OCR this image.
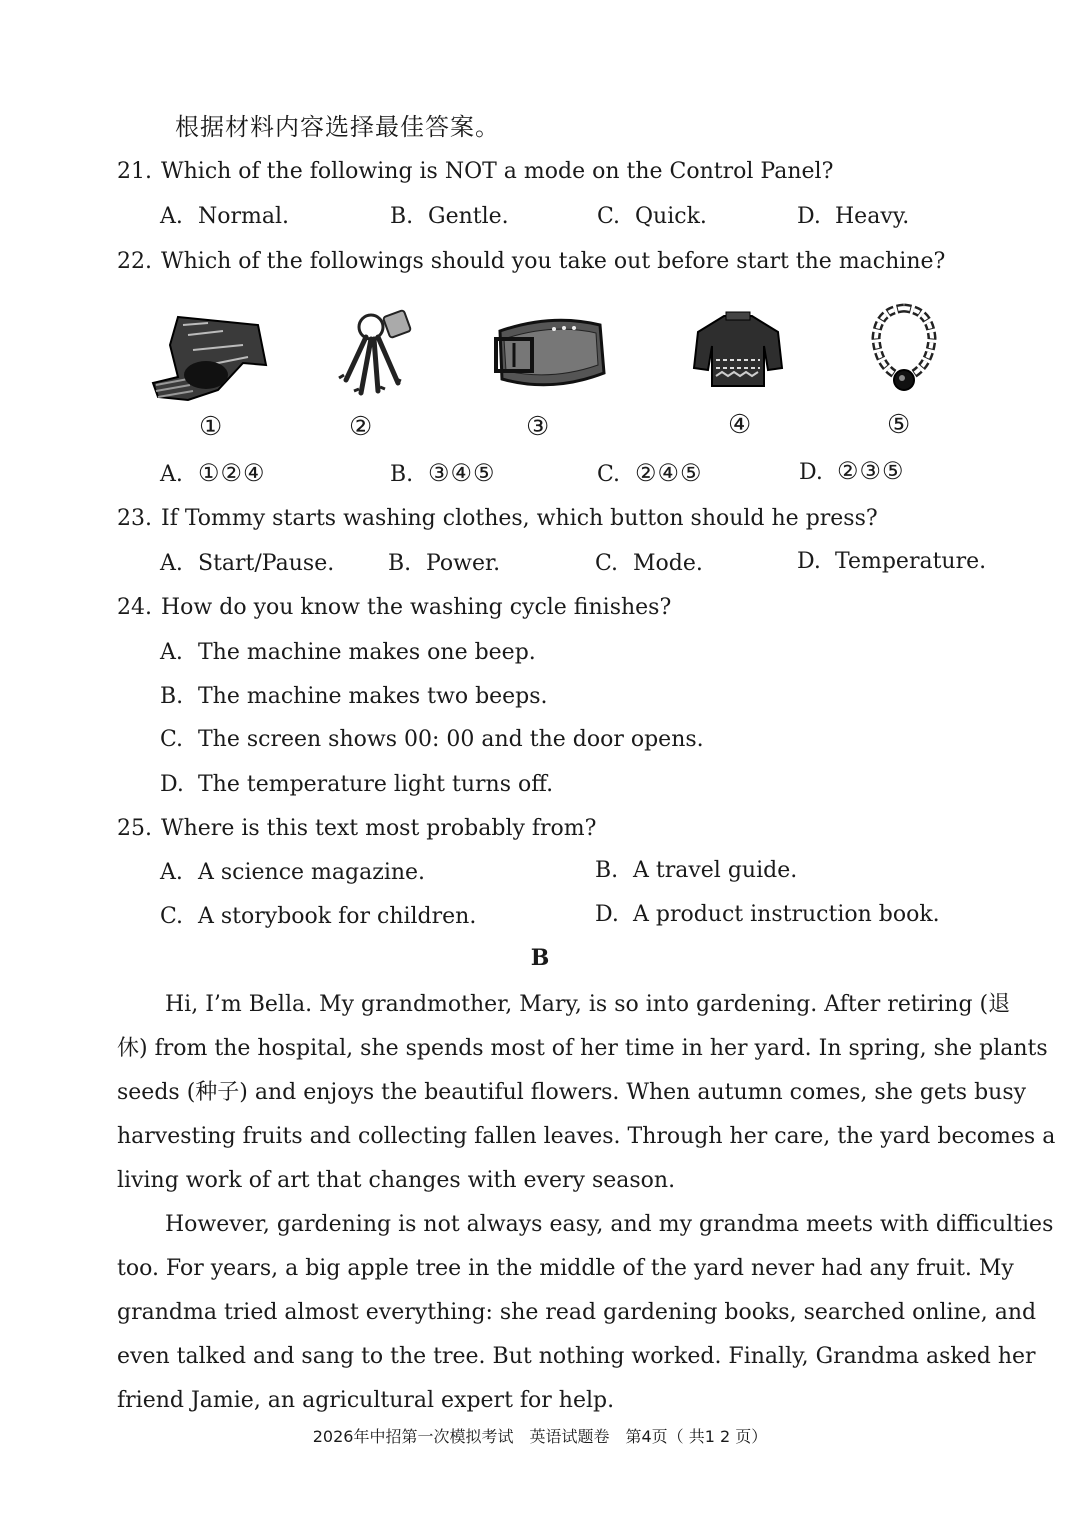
根据材料内容选择最佳答案。
21. Which of the following is NOT a mode on the Control Panel?
A. Normal.	B. Gentle.	C. Quick.	D. Heavy.
22. Which of the followings should you take out before start the machine?
①	②	③	④	⑤
A. ①②④	B. ③④⑤	C. ②④⑤	D. ②③⑤
23. If Tommy starts washing clothes, which button should he press?
A. Start/Pause. B. Power.	C. Mode.	D. Temperature.
24. How do you know the washing cycle finishes?
A. The machine makes one beep.
B. The machine makes two beeps.
C. The screen shows 00: 00 and the door opens.
D. The temperature light turns off.
25. Where is this text most probably from?
A. A science magazine.	B. A travel guide.
C. A storybook for children.	D. A product instruction book.
B
Hi, I’m Bella. My grandmother, Mary, is so into gardening. After retiring (退
休) from the hospital, she spends most of her time in her yard. In spring, she plants
seeds (种子) and enjoys the beautiful flowers. When autumn comes, she gets busy
harvesting fruits and collecting fallen leaves. Through her care, the yard becomes a
living work of art that changes with every season.
However, gardening is not always easy, and my grandma meets with difficulties
too. For years, a big apple tree in the middle of the yard never had any fruit. My
grandma tried almost everything: she read gardening books, searched online, and
even talked and sang to the tree. But nothing worked. Finally, Grandma asked her
friend Jamie, an agricultural expert for help.
2026年中招第一次模拟考试　英语试题卷　第4页（ 共1 2 页）
